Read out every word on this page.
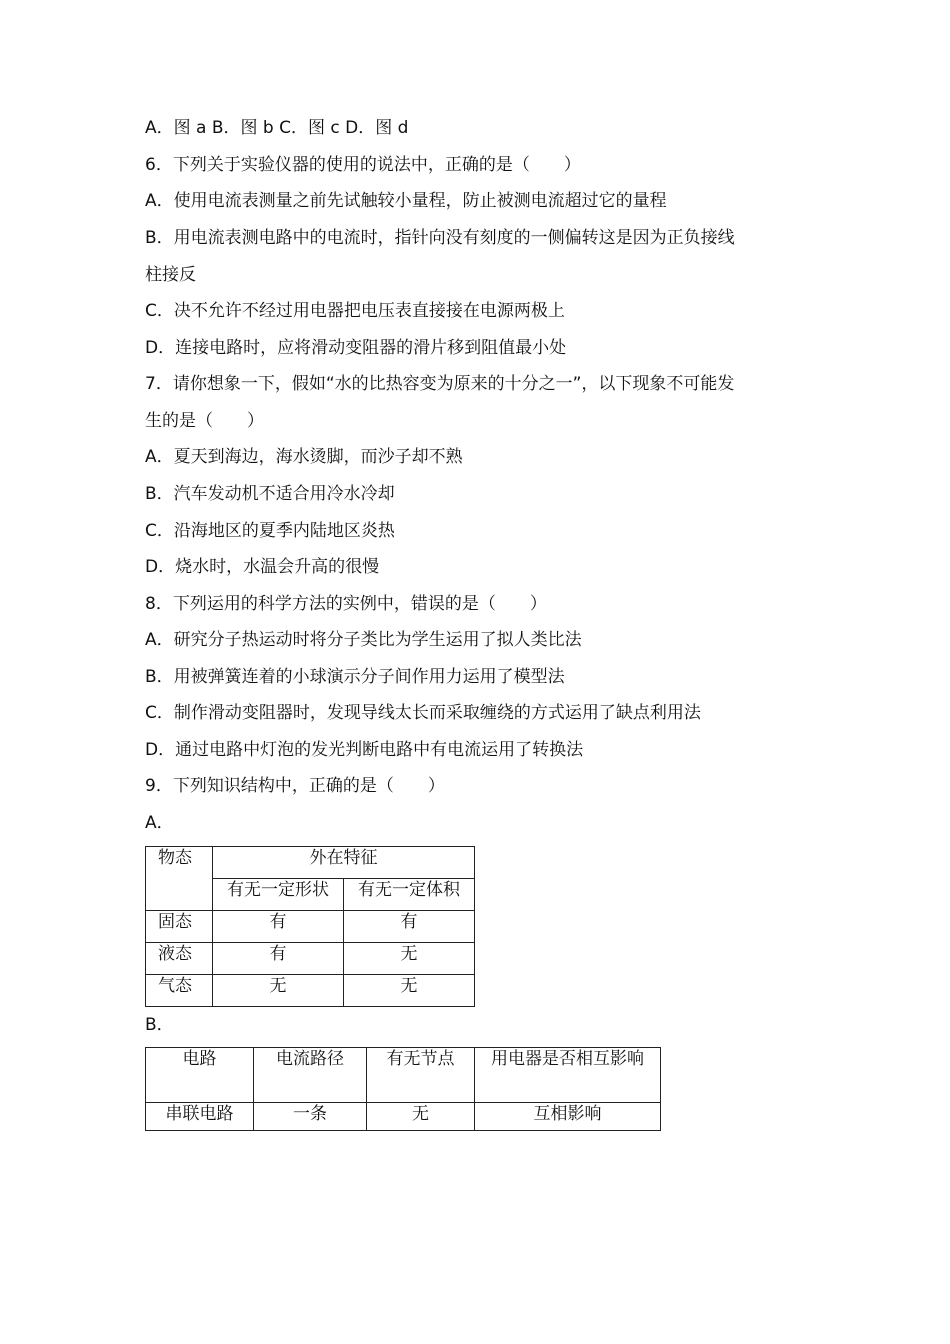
A．图 a B．图 b C．图 c D．图 d
6．下列关于实验仪器的使用的说法中，正确的是（　　）
A．使用电流表测量之前先试触较小量程，防止被测电流超过它的量程
B．用电流表测电路中的电流时，指针向没有刻度的一侧偏转这是因为正负接线
柱接反
C．决不允许不经过用电器把电压表直接接在电源两极上
D．连接电路时，应将滑动变阻器的滑片移到阻值最小处
7．请你想象一下，假如“水的比热容变为原来的十分之一”，以下现象不可能发
生的是（　　）
A．夏天到海边，海水烫脚，而沙子却不熟
B．汽车发动机不适合用冷水冷却
C．沿海地区的夏季内陆地区炎热
D．烧水时，水温会升高的很慢
8．下列运用的科学方法的实例中，错误的是（　　）
A．研究分子热运动时将分子类比为学生运用了拟人类比法
B．用被弹簧连着的小球演示分子间作用力运用了模型法
C．制作滑动变阻器时，发现导线太长而采取缠绕的方式运用了缺点利用法
D．通过电路中灯泡的发光判断电路中有电流运用了转换法
9．下列知识结构中，正确的是（　　）
A．
物态	外在特征	
	有无一定形状	有无一定体积
固态	有	有
液态	有	无
气态	无	无
B．
电路	电流路径	有无节点	用电器是否相互影响
串联电路	一条	无	互相影响
